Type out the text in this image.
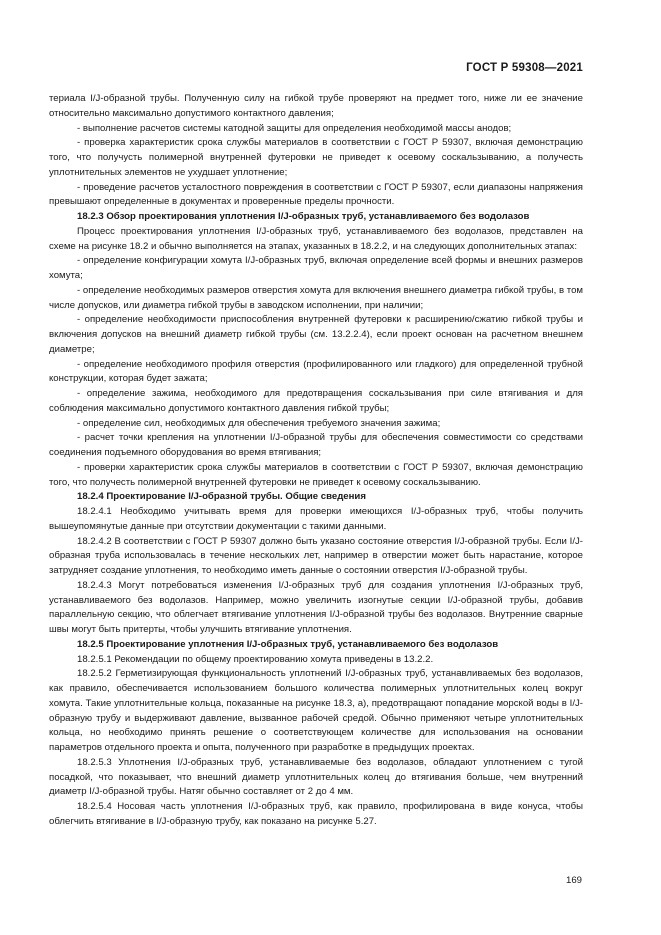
ГОСТ Р 59308—2021

териала I/J-образной трубы. Полученную силу на гибкой трубе проверяют на предмет того, ниже ли ее значение относительно максимально допустимого контактного давления;

- выполнение расчетов системы катодной защиты для определения необходимой массы анодов;

- проверка характеристик срока службы материалов в соответствии с ГОСТ Р 59307, включая демонстрацию того, что получусть полимерной внутренней футеровки не приведет к осевому соскальзыванию, а получесть уплотнительных элементов не ухудшает уплотнение;

- проведение расчетов усталостного повреждения в соответствии с ГОСТ Р 59307, если диапазоны напряжения превышают определенные в документах и проверенные пределы прочности.

18.2.3 Обзор проектирования уплотнения I/J-образных труб, устанавливаемого без водолазов

Процесс проектирования уплотнения I/J-образных труб, устанавливаемого без водолазов, представлен на схеме на рисунке 18.2 и обычно выполняется на этапах, указанных в 18.2.2, и на следующих дополнительных этапах:

- определение конфигурации хомута I/J-образных труб, включая определение всей формы и внешних размеров хомута;

- определение необходимых размеров отверстия хомута для включения внешнего диаметра гибкой трубы, в том числе допусков, или диаметра гибкой трубы в заводском исполнении, при наличии;

- определение необходимости приспособления внутренней футеровки к расширению/сжатию гибкой трубы и включения допусков на внешний диаметр гибкой трубы (см. 13.2.2.4), если проект основан на расчетном внешнем диаметре;

- определение необходимого профиля отверстия (профилированного или гладкого) для определенной трубной конструкции, которая будет зажата;

- определение зажима, необходимого для предотвращения соскальзывания при силе втягивания и для соблюдения максимально допустимого контактного давления гибкой трубы;

- определение сил, необходимых для обеспечения требуемого значения зажима;

- расчет точки крепления на уплотнении I/J-образной трубы для обеспечения совместимости со средствами соединения подъемного оборудования во время втягивания;

- проверки характеристик срока службы материалов в соответствии с ГОСТ Р 59307, включая демонстрацию того, что получесть полимерной внутренней футеровки не приведет к осевому соскальзыванию.

18.2.4 Проектирование I/J-образной трубы. Общие сведения

18.2.4.1 Необходимо учитывать время для проверки имеющихся I/J-образных труб, чтобы получить вышеупомянутые данные при отсутствии документации с такими данными.

18.2.4.2 В соответствии с ГОСТ Р 59307 должно быть указано состояние отверстия I/J-образной трубы. Если I/J-образная труба использовалась в течение нескольких лет, например в отверстии может быть нарастание, которое затрудняет создание уплотнения, то необходимо иметь данные о состоянии отверстия I/J-образной трубы.

18.2.4.3 Могут потребоваться изменения I/J-образных труб для создания уплотнения I/J-образных труб, устанавливаемого без водолазов. Например, можно увеличить изогнутые секции I/J-образной трубы, добавив параллельную секцию, что облегчает втягивание уплотнения I/J-образной трубы без водолазов. Внутренние сварные швы могут быть притерты, чтобы улучшить втягивание уплотнения.

18.2.5 Проектирование уплотнения I/J-образных труб, устанавливаемого без водолазов

18.2.5.1 Рекомендации по общему проектированию хомута приведены в 13.2.2.

18.2.5.2 Герметизирующая функциональность уплотнений I/J-образных труб, устанавливаемых без водолазов, как правило, обеспечивается использованием большого количества полимерных уплотнительных колец вокруг хомута. Такие уплотнительные кольца, показанные на рисунке 18.3, а), предотвращают попадание морской воды в I/J-образную трубу и выдерживают давление, вызванное рабочей средой. Обычно применяют четыре уплотнительных кольца, но необходимо принять решение о соответствующем количестве для использования на основании параметров отдельного проекта и опыта, полученного при разработке в предыдущих проектах.

18.2.5.3 Уплотнения I/J-образных труб, устанавливаемые без водолазов, обладают уплотнением с тугой посадкой, что показывает, что внешний диаметр уплотнительных колец до втягивания больше, чем внутренний диаметр I/J-образной трубы. Натяг обычно составляет от 2 до 4 мм.

18.2.5.4 Носовая часть уплотнения I/J-образных труб, как правило, профилирована в виде конуса, чтобы облегчить втягивание в I/J-образную трубу, как показано на рисунке 5.27.

169
